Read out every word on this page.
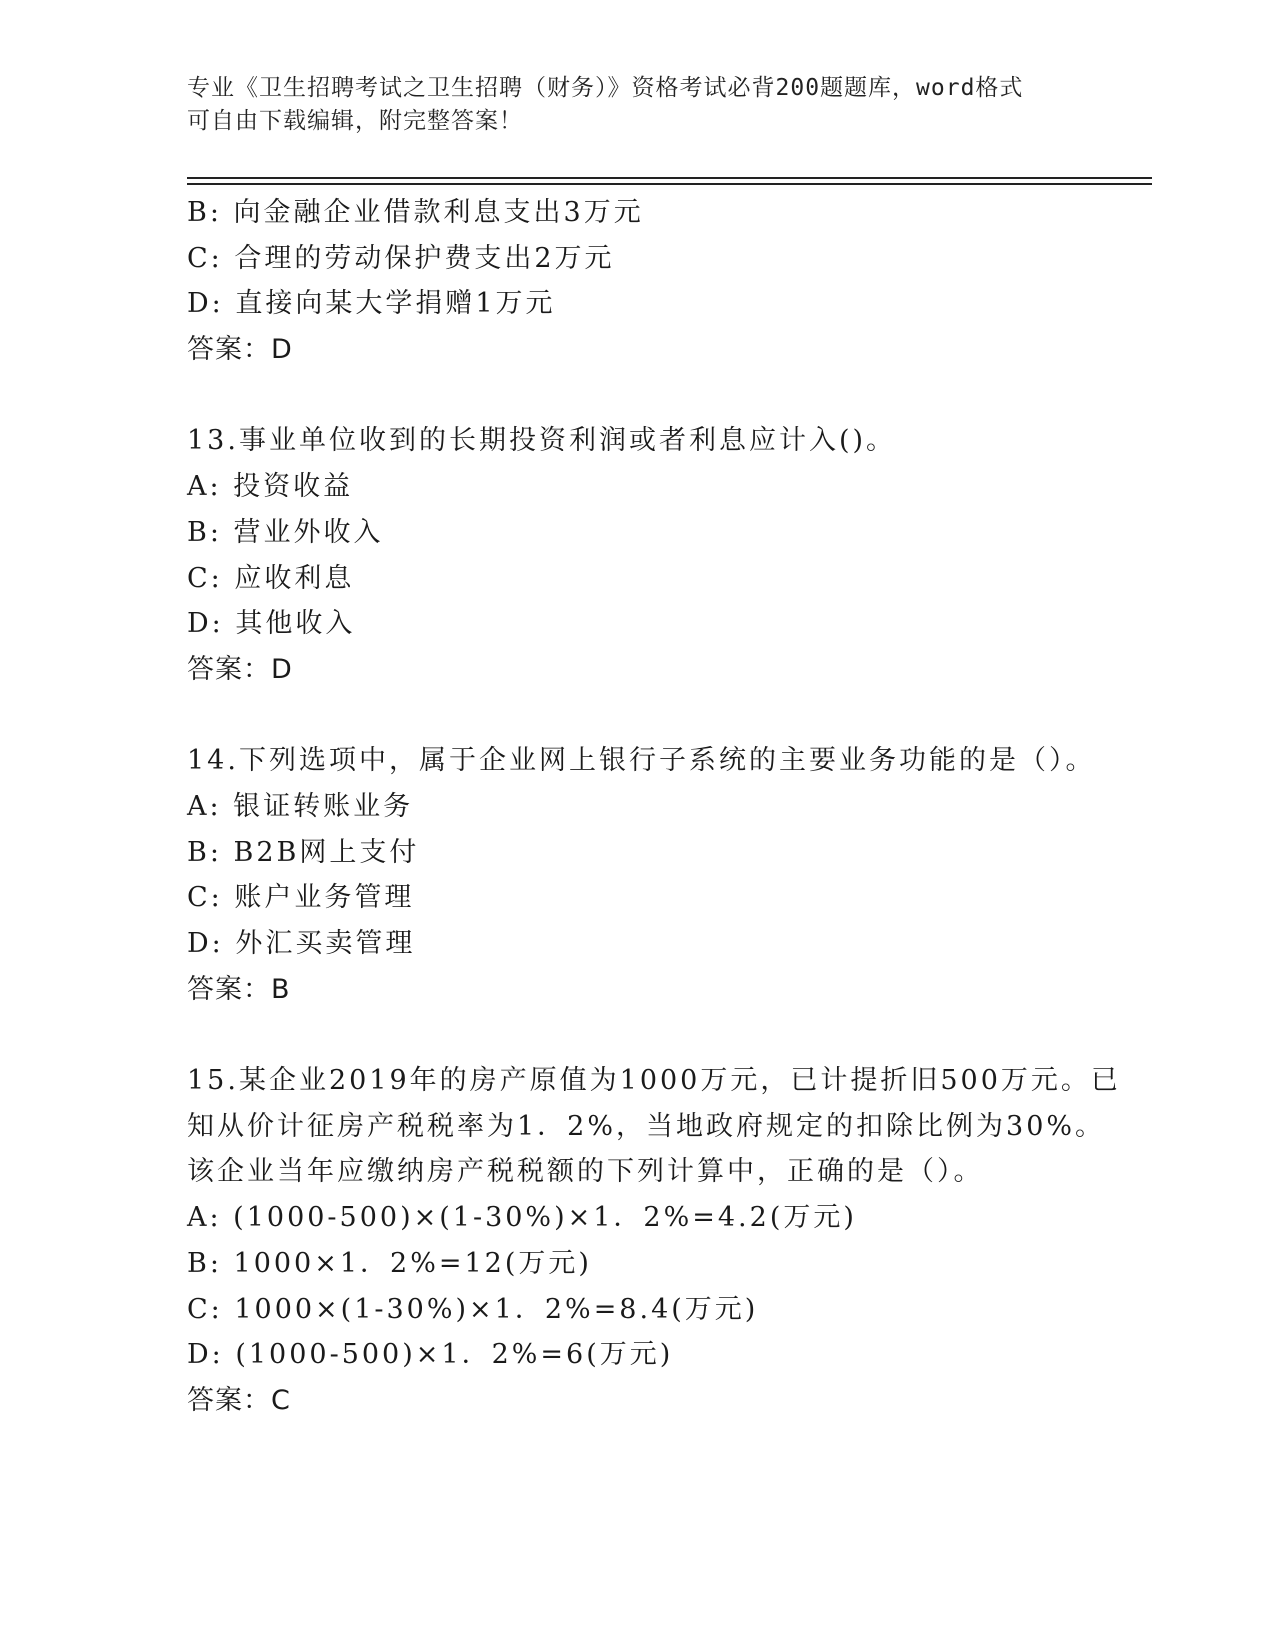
专业《卫生招聘考试之卫生招聘（财务）》资格考试必背200题题库，word格式
可自由下载编辑，附完整答案！
B: 向金融企业借款利息支出3万元
C: 合理的劳动保护费支出2万元
D: 直接向某大学捐赠1万元
答案：D
13.事业单位收到的长期投资利润或者利息应计入()。
A: 投资收益
B: 营业外收入
C: 应收利息
D: 其他收入
答案：D
14.下列选项中，属于企业网上银行子系统的主要业务功能的是（）。
A: 银证转账业务
B: B2B网上支付
C: 账户业务管理
D: 外汇买卖管理
答案：B
15.某企业2019年的房产原值为1000万元，已计提折旧500万元。已
知从价计征房产税税率为1．2%，当地政府规定的扣除比例为30%。
该企业当年应缴纳房产税税额的下列计算中，正确的是（）。
A: (1000-500)×(1-30%)×1．2%=4.2(万元)
B: 1000×1．2%=12(万元)
C: 1000×(1-30%)×1．2%=8.4(万元)
D: (1000-500)×1．2%=6(万元)
答案：C
